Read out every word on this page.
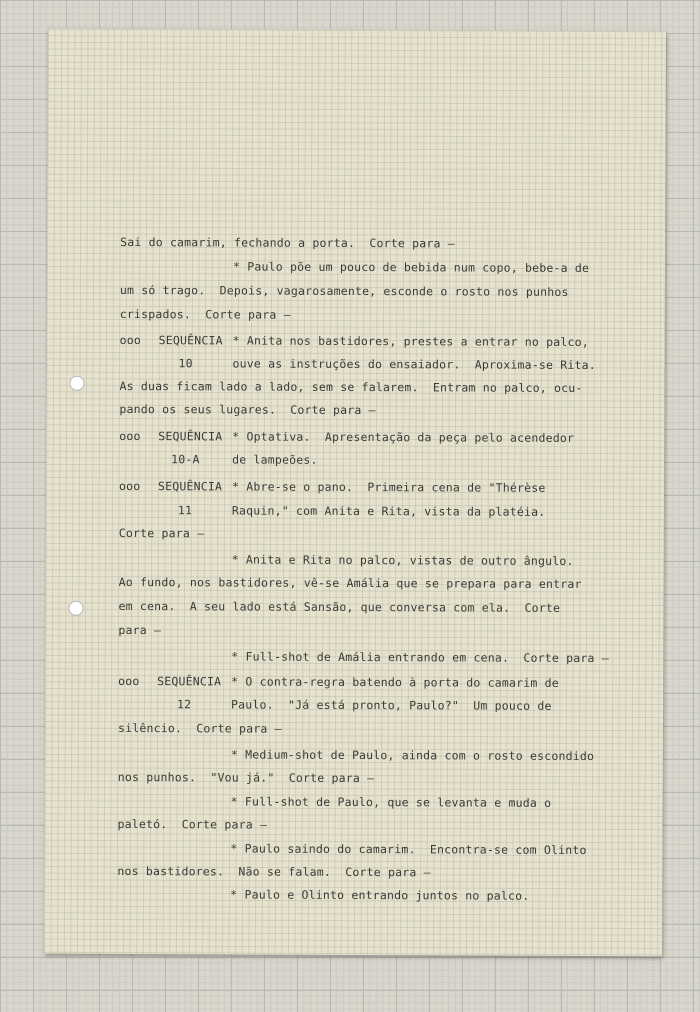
Sai do camarim, fechando a porta.  Corte para —

* Paulo põe um pouco de bebida num copo, bebe-a de

um só trago.  Depois, vagarosamente, esconde o rosto nos punhos

crispados.  Corte para —

ooo

SEQUÊNCIA

* Anita nos bastidores, prestes a entrar no palco,

10

	ouve as instruções do ensaiador.  Aproxima-se Rita.

As duas ficam lado a lado, sem se falarem.  Entram no palco, ocu-

pando os seus lugares.  Corte para —

ooo

SEQUÊNCIA

* Optativa.  Apresentação da peça pelo acendedor

10-A

	de lampeões.

ooo

SEQUÊNCIA

* Abre-se o pano.  Primeira cena de "Thérèse

11

	Raquin," com Anita e Rita, vista da platéia.

Corte para —

* Anita e Rita no palco, vistas de outro ângulo.

Ao fundo, nos bastidores, vê-se Amália que se prepara para entrar

em cena.  A seu lado está Sansão, que conversa com ela.  Corte

para —

* Full-shot de Amália entrando em cena.  Corte para —

ooo

SEQUÊNCIA

* O contra-regra batendo à porta do camarim de

12

	Paulo.  "Já está pronto, Paulo?"  Um pouco de

silêncio.  Corte para —

* Medium-shot de Paulo, ainda com o rosto escondido

nos punhos.  "Vou já."  Corte para —

* Full-shot de Paulo, que se levanta e muda o

paletó.  Corte para —

* Paulo saindo do camarim.  Encontra-se com Olinto

nos bastidores.  Não se falam.  Corte para —

* Paulo e Olinto entrando juntos no palco.
